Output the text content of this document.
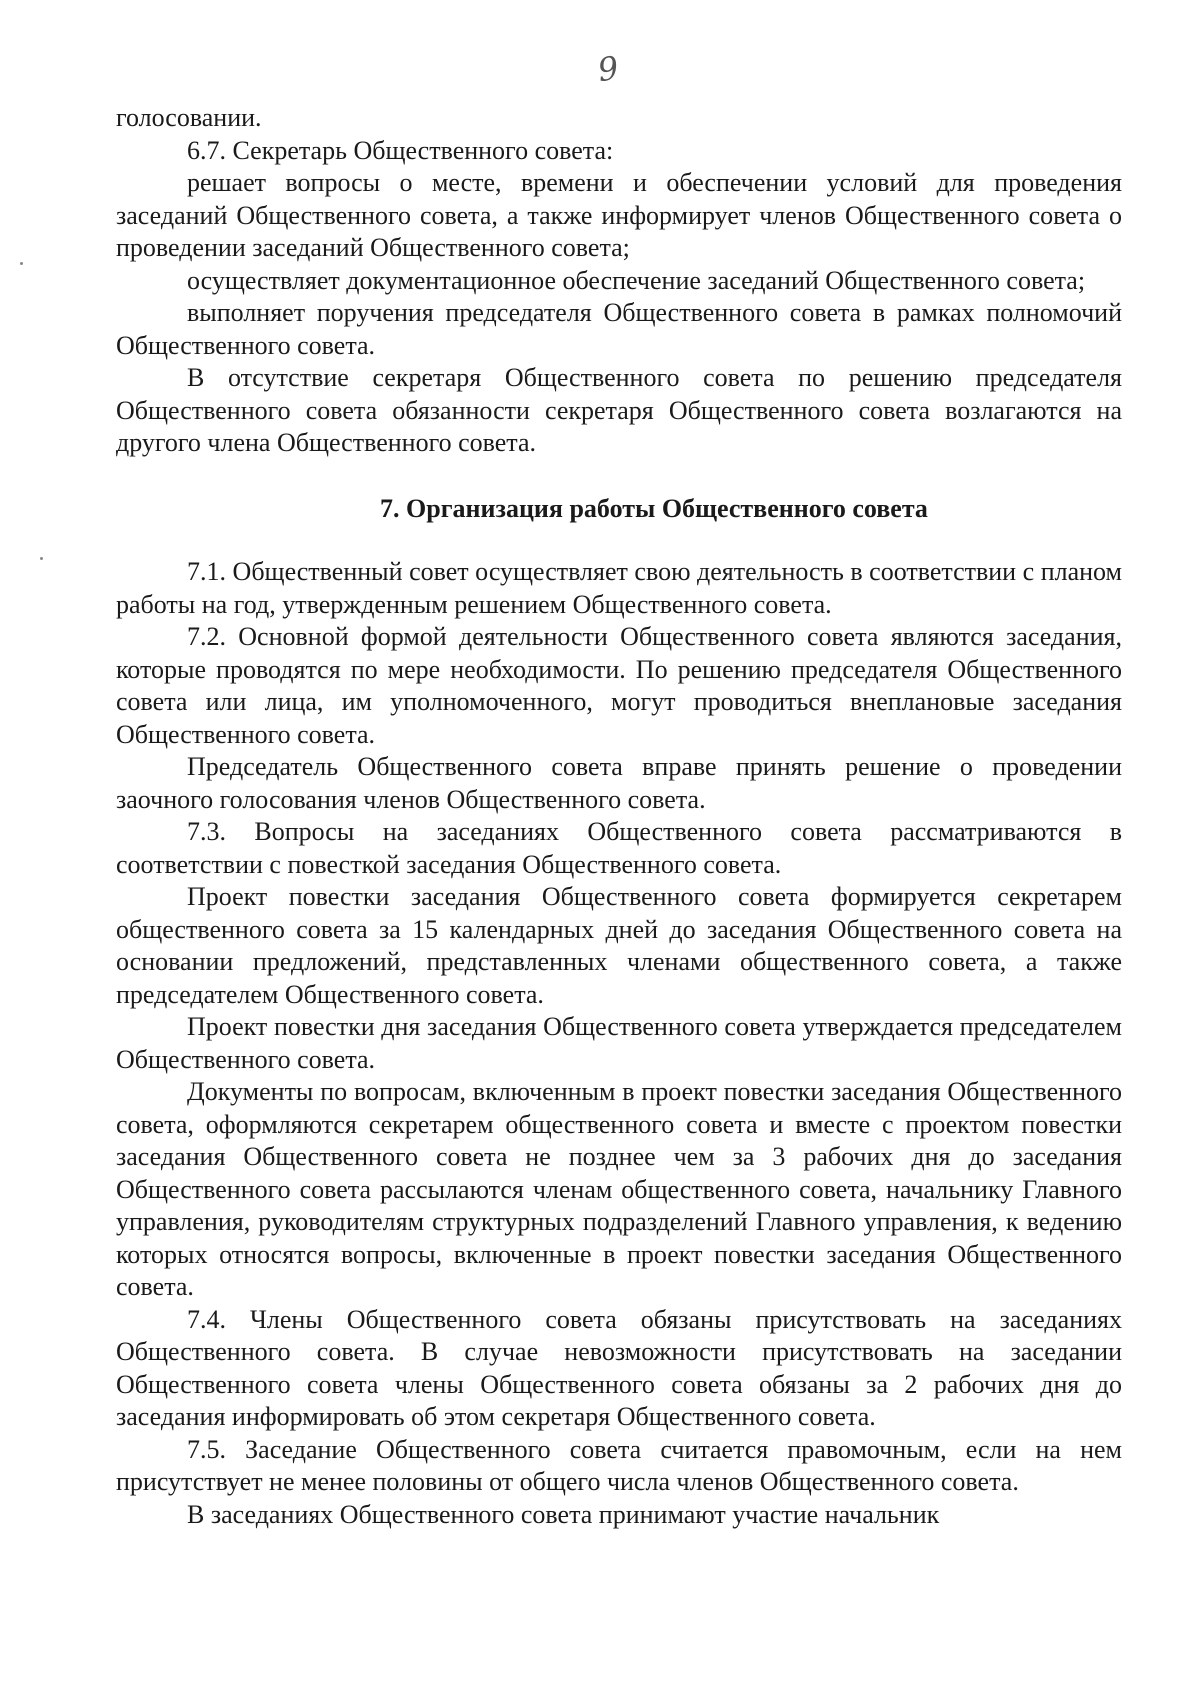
9

голосовании.

6.7. Секретарь Общественного совета:

решает вопросы о месте, времени и обеспечении условий для проведения заседаний Общественного совета, а также информирует членов Общественного совета о проведении заседаний Общественного совета;

осуществляет документационное обеспечение заседаний Общественного совета;

выполняет поручения председателя Общественного совета в рамках полномочий Общественного совета.

В отсутствие секретаря Общественного совета по решению председателя Общественного совета обязанности секретаря Общественного совета возлагаются на другого члена Общественного совета.

7. Организация работы Общественного совета

7.1. Общественный совет осуществляет свою деятельность в соответствии с планом работы на год, утвержденным решением Общественного совета.

7.2. Основной формой деятельности Общественного совета являются заседания, которые проводятся по мере необходимости. По решению председателя Общественного совета или лица, им уполномоченного, могут проводиться внеплановые заседания Общественного совета.

Председатель Общественного совета вправе принять решение о проведении заочного голосования членов Общественного совета.

7.3. Вопросы на заседаниях Общественного совета рассматриваются в соответствии с повесткой заседания Общественного совета.

Проект повестки заседания Общественного совета формируется секретарем общественного совета за 15 календарных дней до заседания Общественного совета на основании предложений, представленных членами общественного совета, а также председателем Общественного совета.

Проект повестки дня заседания Общественного совета утверждается председателем Общественного совета.

Документы по вопросам, включенным в проект повестки заседания Общественного совета, оформляются секретарем общественного совета и вместе с проектом повестки заседания Общественного совета не позднее чем за 3 рабочих дня до заседания Общественного совета рассылаются членам общественного совета, начальнику Главного управления, руководителям структурных подразделений Главного управления, к ведению которых относятся вопросы, включенные в проект повестки заседания Общественного совета.

7.4. Члены Общественного совета обязаны присутствовать на заседаниях Общественного совета. В случае невозможности присутствовать на заседании Общественного совета члены Общественного совета обязаны за 2 рабочих дня до заседания информировать об этом секретаря Общественного совета.

7.5. Заседание Общественного совета считается правомочным, если на нем присутствует не менее половины от общего числа членов Общественного совета.

В заседаниях Общественного совета принимают участие начальник
